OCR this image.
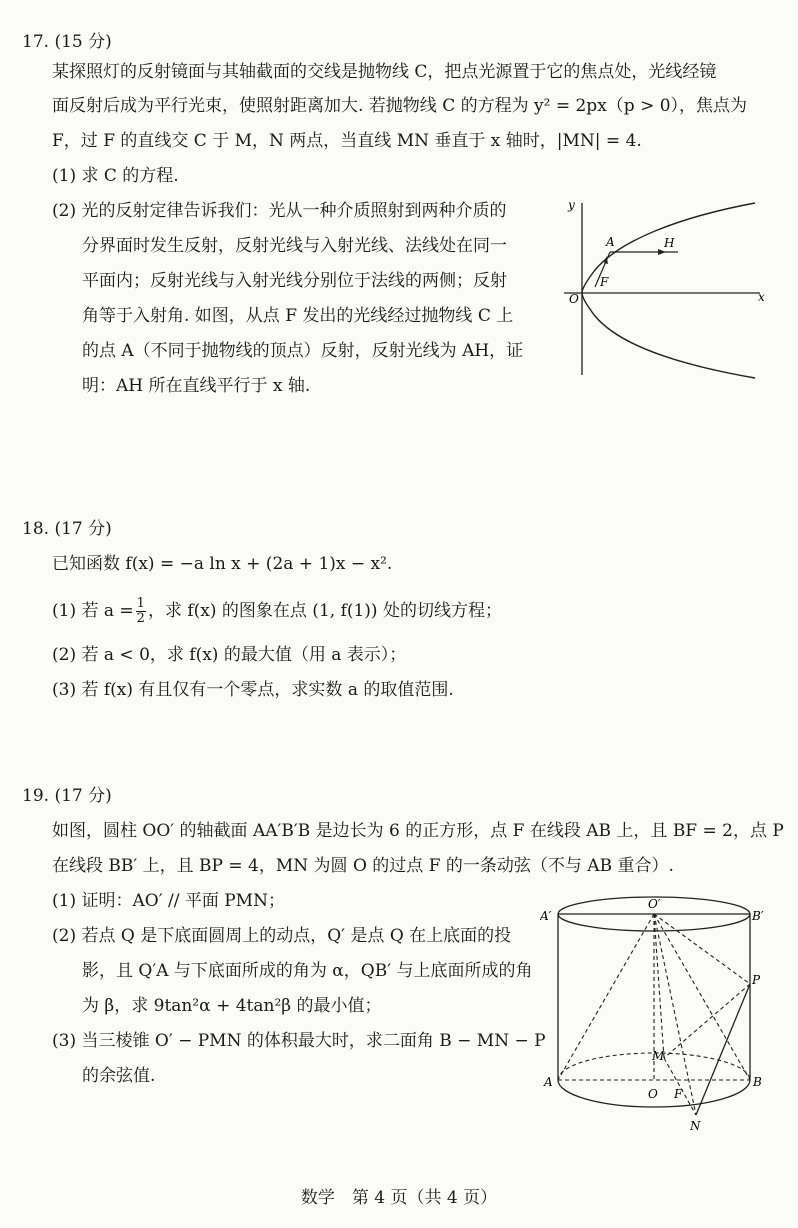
17. (15 分)
某探照灯的反射镜面与其轴截面的交线是抛物线 C，把点光源置于它的焦点处，光线经镜
面反射后成为平行光束，使照射距离加大. 若抛物线 C 的方程为 y² = 2px（p > 0），焦点为
F，过 F 的直线交 C 于 M，N 两点，当直线 MN 垂直于 x 轴时，|MN| = 4.
(1) 求 C 的方程.
(2) 光的反射定律告诉我们：光从一种介质照射到两种介质的
分界面时发生反射，反射光线与入射光线、法线处在同一
平面内；反射光线与入射光线分别位于法线的两侧；反射
角等于入射角. 如图，从点 F 发出的光线经过抛物线 C 上
的点 A（不同于抛物线的顶点）反射，反射光线为 AH，证
明：AH 所在直线平行于 x 轴.
y
x
O
A
F
H
18. (17 分)
已知函数 f(x) = −a ln x + (2a + 1)x − x².
(1) 若 $a = \frac{1}{2}$ ，求 f(x) 的图象在点 (1, f(1)) 处的切线方程；
(2) 若 a < 0，求 f(x) 的最大值（用 a 表示）；
(3) 若 f(x) 有且仅有一个零点，求实数 a 的取值范围.
19. (17 分)
如图，圆柱 OO′ 的轴截面 AA′B′B 是边长为 6 的正方形，点 F 在线段 AB 上，且 BF = 2，点 P
在线段 BB′ 上，且 BP = 4，MN 为圆 O 的过点 F 的一条动弦（不与 AB 重合）.
(1) 证明：AO′ // 平面 PMN；
(2) 若点 Q 是下底面圆周上的动点，Q′ 是点 Q 在上底面的投
影，且 Q′A 与下底面所成的角为 α，QB′ 与上底面所成的角
为 β，求 9tan²α + 4tan²β 的最小值；
(3) 当三棱锥 O′ − PMN 的体积最大时，求二面角 B − MN − P
的余弦值.
A′
O′
B′
P
M
A	B
O F
N
数学　第 4 页（共 4 页）
